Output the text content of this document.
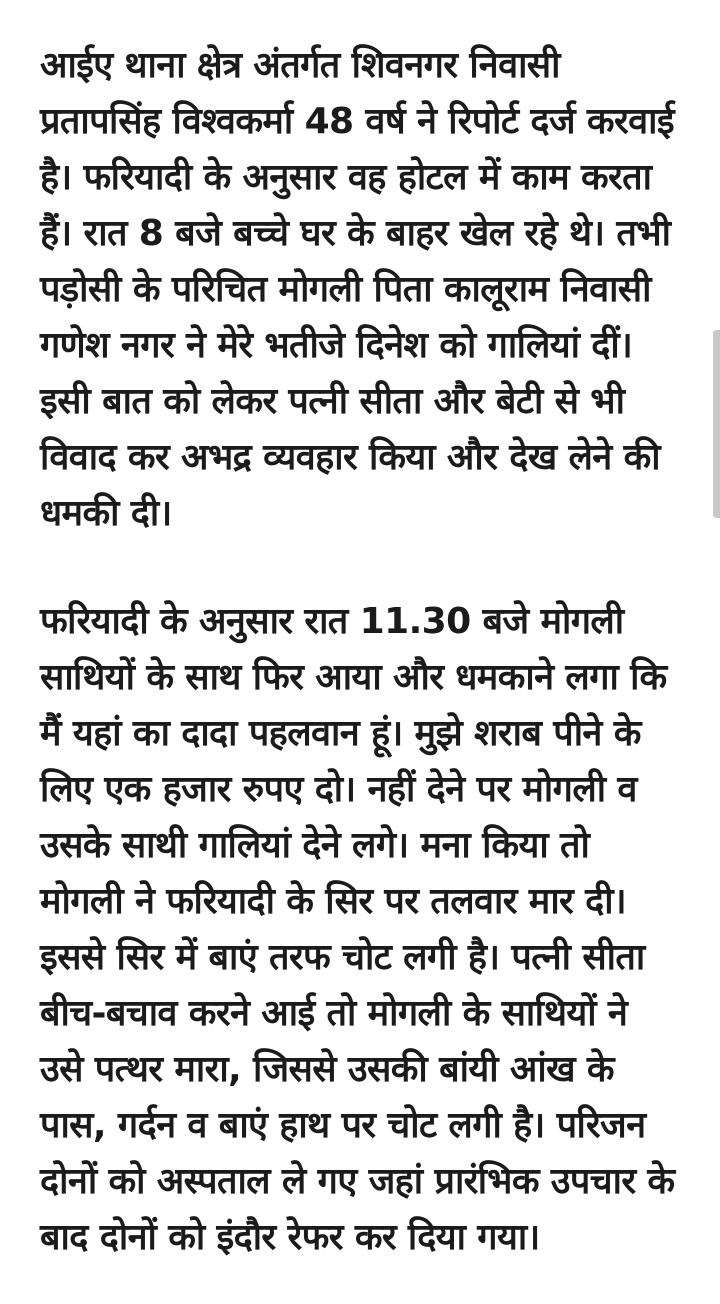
आईए थाना क्षेत्र अंतर्गत शिवनगर निवासी
प्रतापसिंह विश्वकर्मा 48 वर्ष ने रिपोर्ट दर्ज करवाई
है। फरियादी के अनुसार वह होटल में काम करता
हैं। रात 8 बजे बच्चे घर के बाहर खेल रहे थे। तभी
पड़ोसी के परिचित मोगली पिता कालूराम निवासी
गणेश नगर ने मेरे भतीजे दिनेश को गालियां दीं।
इसी बात को लेकर पत्नी सीता और बेटी से भी
विवाद कर अभद्र व्यवहार किया और देख लेने की
धमकी दी।
फरियादी के अनुसार रात 11.30 बजे मोगली
साथियों के साथ फिर आया और धमकाने लगा कि
मैं यहां का दादा पहलवान हूं। मुझे शराब पीने के
लिए एक हजार रुपए दो। नहीं देने पर मोगली व
उसके साथी गालियां देने लगे। मना किया तो
मोगली ने फरियादी के सिर पर तलवार मार दी।
इससे सिर में बाएं तरफ चोट लगी है। पत्नी सीता
बीच-बचाव करने आई तो मोगली के साथियों ने
उसे पत्थर मारा, जिससे उसकी बांयी आंख के
पास, गर्दन व बाएं हाथ पर चोट लगी है। परिजन
दोनों को अस्पताल ले गए जहां प्रारंभिक उपचार के
बाद दोनों को इंदौर रेफर कर दिया गया।
